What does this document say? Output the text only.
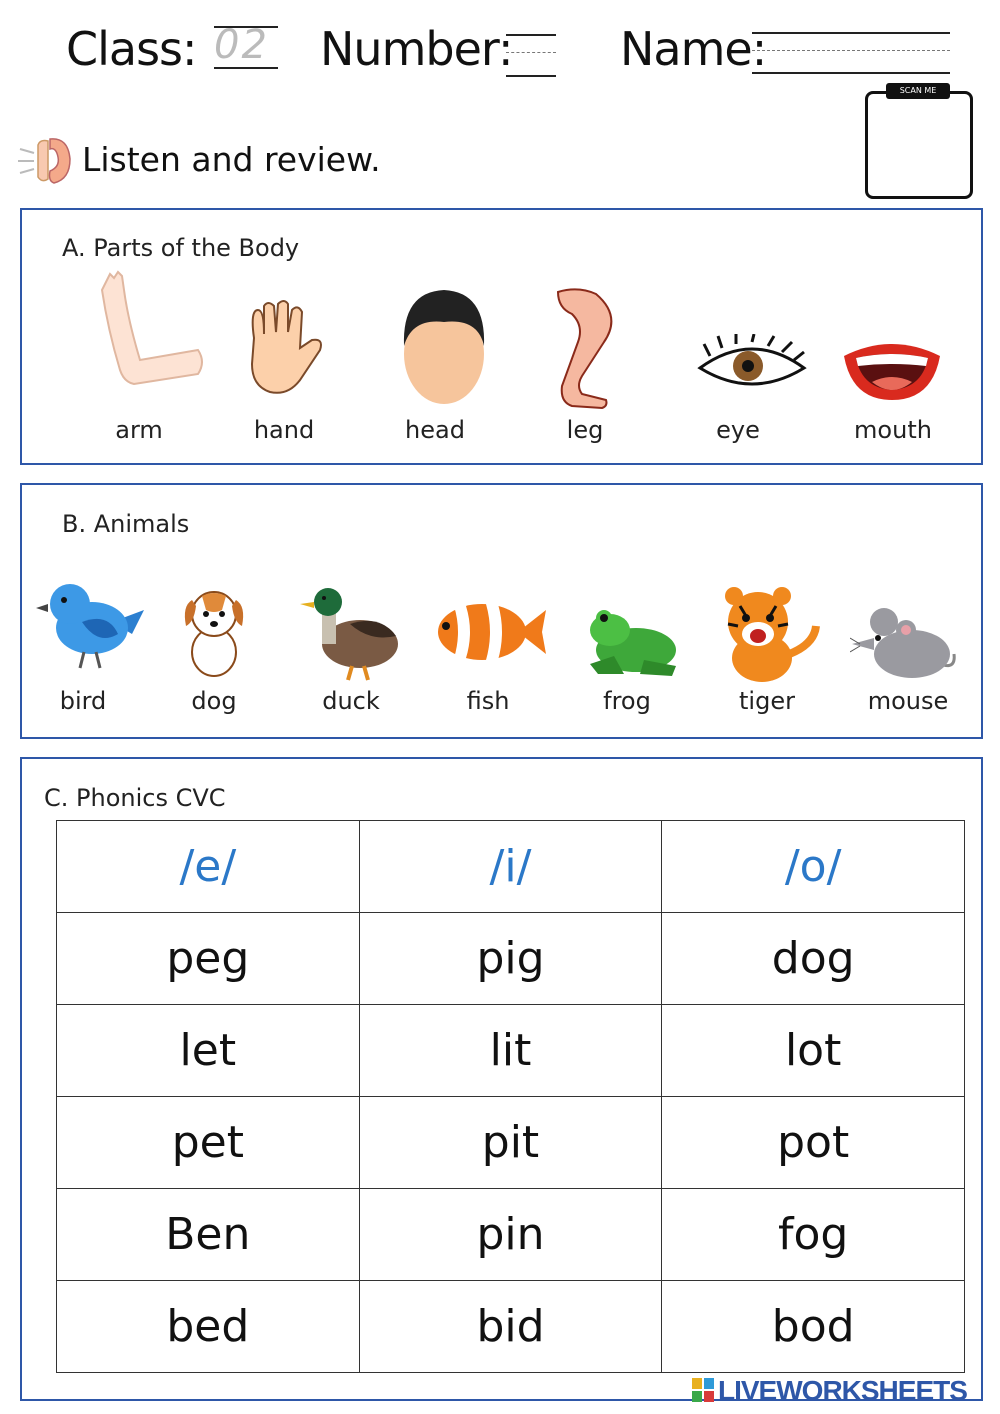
Class: 02 Number: Name:
SCAN ME
Listen and review.
A. Parts of the Body
arm	hand	head	leg	eye	mouth
B. Animals
bird	dog	duck	fish	frog	tiger	mouse
C. Phonics CVC
/e/	/i/	/o/
peg	pig	dog
let	lit	lot
pet	pit	pot
Ben	pin	fog
bed	bid	bod
LIVEWORKSHEETS
